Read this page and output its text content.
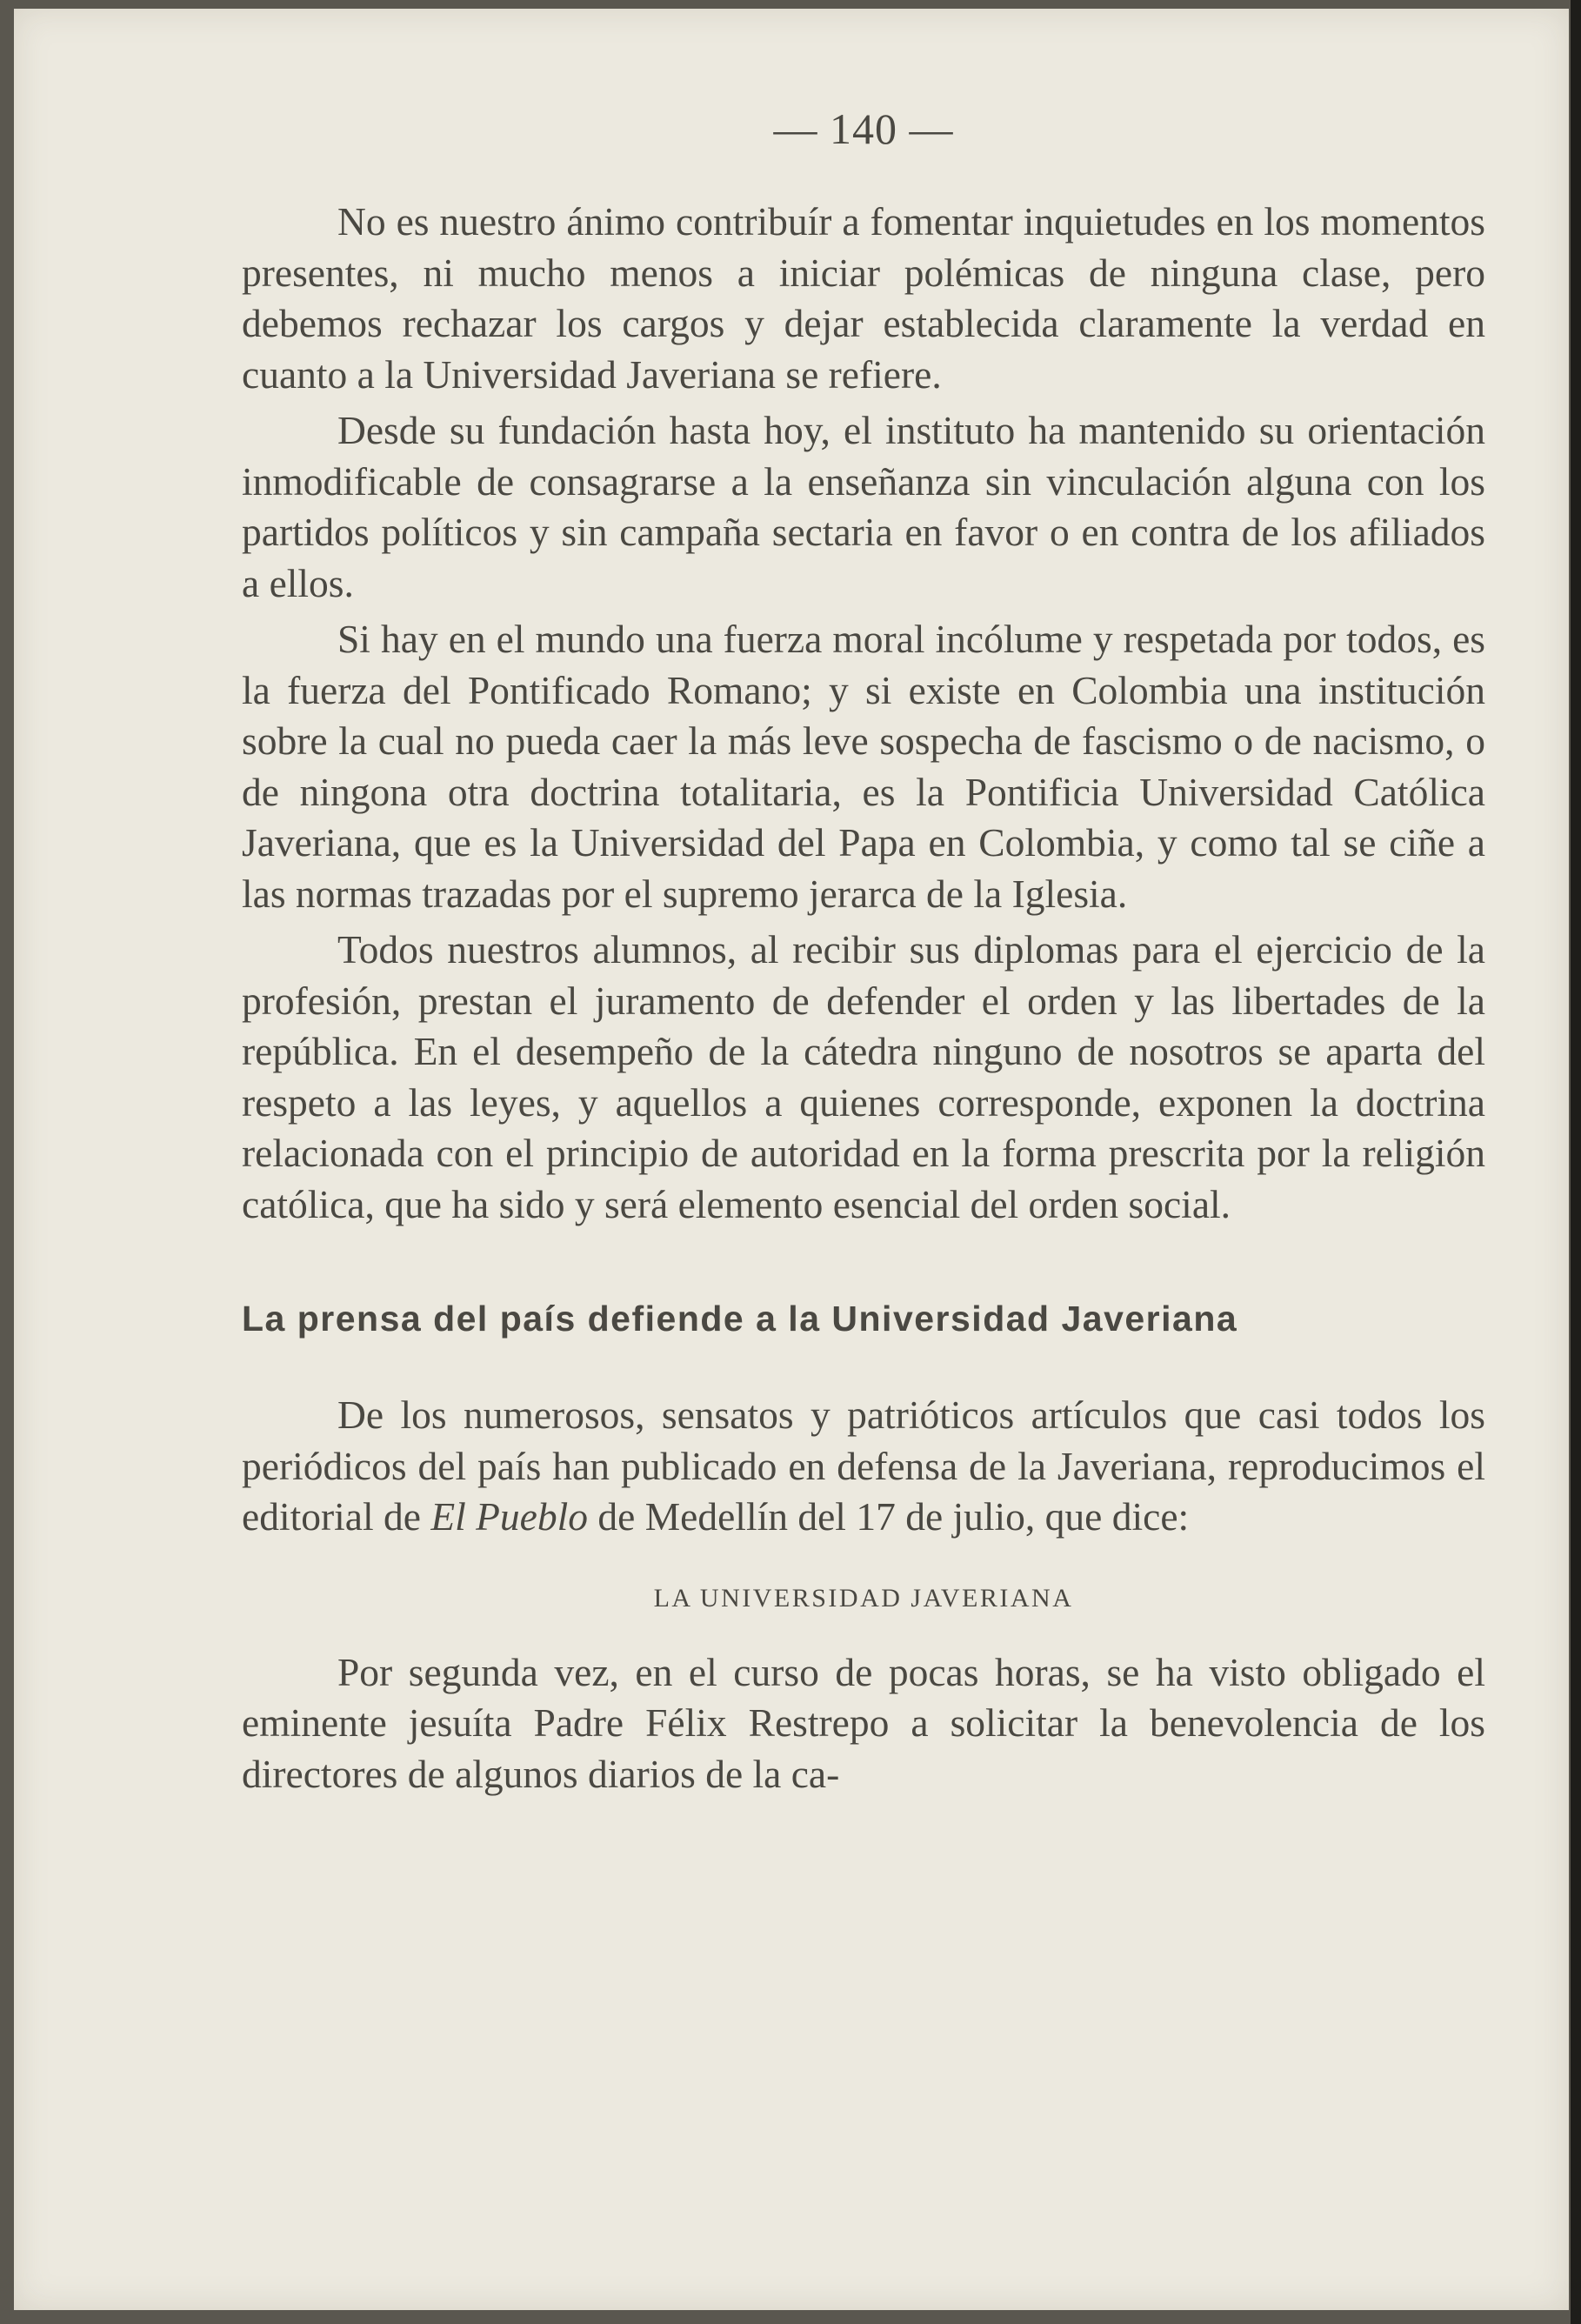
— 140 —

No es nuestro ánimo contribuír a fomentar inquietudes en los momentos presentes, ni mucho menos a iniciar polémicas de ninguna clase, pero debemos rechazar los cargos y dejar establecida claramente la verdad en cuanto a la Universidad Javeriana se refiere.

Desde su fundación hasta hoy, el instituto ha mantenido su orientación inmodificable de consagrarse a la enseñanza sin vinculación alguna con los partidos políticos y sin campaña sectaria en favor o en contra de los afiliados a ellos.

Si hay en el mundo una fuerza moral incólume y respetada por todos, es la fuerza del Pontificado Romano; y si existe en Colombia una institución sobre la cual no pueda caer la más leve sospecha de fascismo o de nacismo, o de ningona otra doctrina totalitaria, es la Pontificia Universidad Católica Javeriana, que es la Universidad del Papa en Colombia, y como tal se ciñe a las normas trazadas por el supremo jerarca de la Iglesia.

Todos nuestros alumnos, al recibir sus diplomas para el ejercicio de la profesión, prestan el juramento de defender el orden y las libertades de la república. En el desempeño de la cátedra ninguno de nosotros se aparta del respeto a las leyes, y aquellos a quienes corresponde, exponen la doctrina relacionada con el principio de autoridad en la forma prescrita por la religión católica, que ha sido y será elemento esencial del orden social.

La prensa del país defiende a la Universidad Javeriana

De los numerosos, sensatos y patrióticos artículos que casi todos los periódicos del país han publicado en defensa de la Javeriana, reproducimos el editorial de El Pueblo de Medellín del 17 de julio, que dice:

LA UNIVERSIDAD JAVERIANA

Por segunda vez, en el curso de pocas horas, se ha visto obligado el eminente jesuíta Padre Félix Restrepo a solicitar la benevolencia de los directores de algunos diarios de la ca-
